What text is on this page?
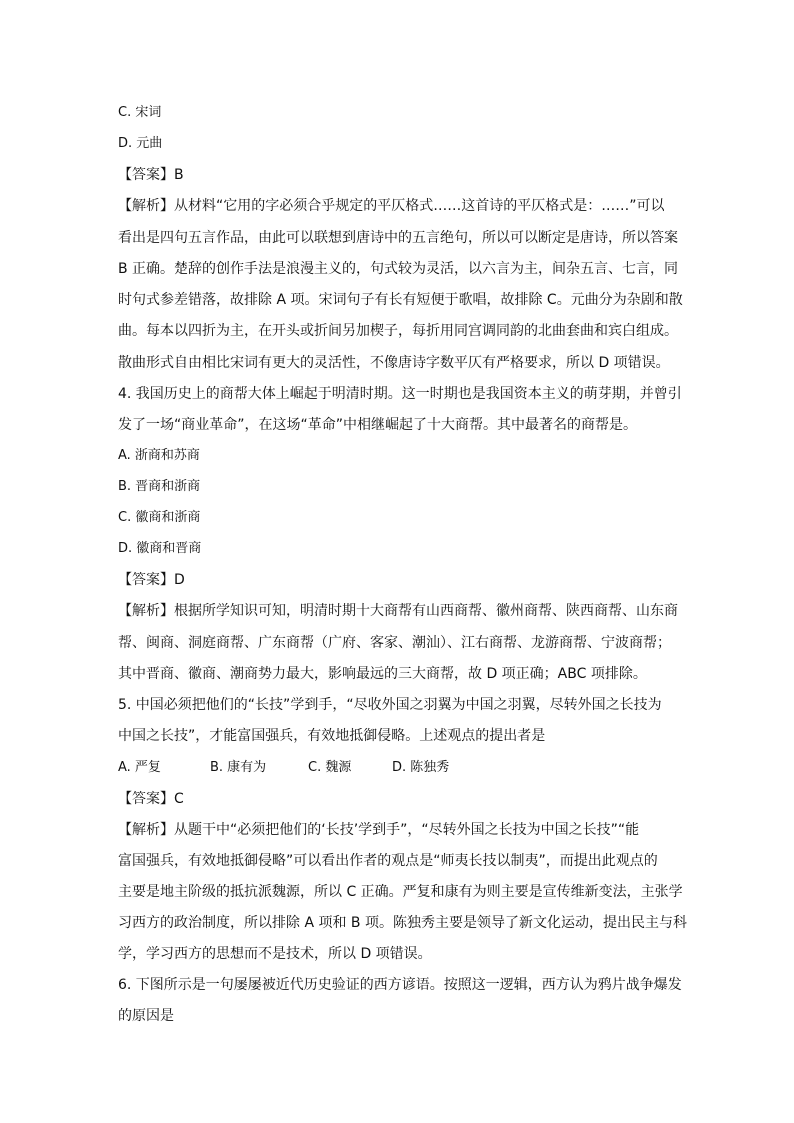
C. 宋词
D. 元曲
【答案】B
【解析】从材料“它用的字必须合乎规定的平仄格式……这首诗的平仄格式是：……”可以
看出是四句五言作品，由此可以联想到唐诗中的五言绝句，所以可以断定是唐诗，所以答案
B 正确。楚辞的创作手法是浪漫主义的，句式较为灵活，以六言为主，间杂五言、七言，同
时句式参差错落，故排除 A 项。宋词句子有长有短便于歌唱，故排除 C。元曲分为杂剧和散
曲。每本以四折为主，在开头或折间另加楔子，每折用同宫调同韵的北曲套曲和宾白组成。
散曲形式自由相比宋词有更大的灵活性，不像唐诗字数平仄有严格要求，所以 D 项错误。
4. 我国历史上的商帮大体上崛起于明清时期。这一时期也是我国资本主义的萌芽期，并曾引
发了一场“商业革命”，在这场“革命”中相继崛起了十大商帮。其中最著名的商帮是。
A. 浙商和苏商
B. 晋商和浙商
C. 徽商和浙商
D. 徽商和晋商
【答案】D
【解析】根据所学知识可知，明清时期十大商帮有山西商帮、徽州商帮、陕西商帮、山东商
帮、闽商、洞庭商帮、广东商帮（广府、客家、潮汕）、江右商帮、龙游商帮、宁波商帮；
其中晋商、徽商、潮商势力最大，影响最远的三大商帮，故 D 项正确；ABC 项排除。
5. 中国必须把他们的“长技”学到手，“尽收外国之羽翼为中国之羽翼，尽转外国之长技为
中国之长技”，才能富国强兵，有效地抵御侵略。上述观点的提出者是
A. 严复	B. 康有为	C. 魏源	D. 陈独秀
【答案】C
【解析】从题干中“必须把他们的‘长技’学到手”，“尽转外国之长技为中国之长技”“能
富国强兵，有效地抵御侵略”可以看出作者的观点是“师夷长技以制夷”，而提出此观点的
主要是地主阶级的抵抗派魏源，所以 C 正确。严复和康有为则主要是宣传维新变法，主张学
习西方的政治制度，所以排除 A 项和 B 项。陈独秀主要是领导了新文化运动，提出民主与科
学，学习西方的思想而不是技术，所以 D 项错误。
6. 下图所示是一句屡屡被近代历史验证的西方谚语。按照这一逻辑，西方认为鸦片战争爆发
的原因是
